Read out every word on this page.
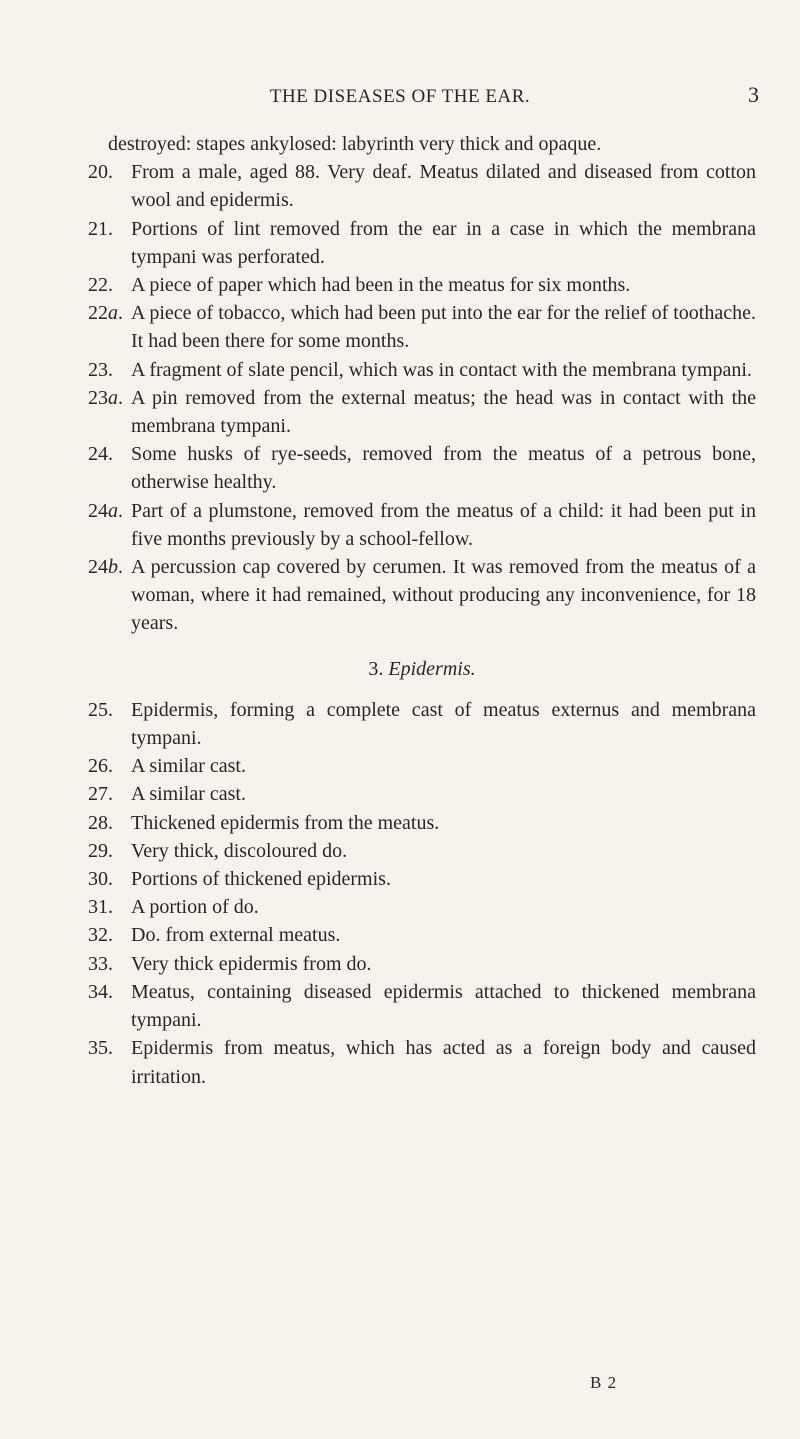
THE DISEASES OF THE EAR.	3

destroyed: stapes ankylosed: labyrinth very thick and opaque.

20. From a male, aged 88. Very deaf. Meatus dilated and diseased from cotton wool and epidermis.
21. Portions of lint removed from the ear in a case in which the membrana tympani was perforated.
22. A piece of paper which had been in the meatus for six months.
22a. A piece of tobacco, which had been put into the ear for the relief of toothache. It had been there for some months.
23. A fragment of slate pencil, which was in contact with the membrana tympani.
23a. A pin removed from the external meatus; the head was in contact with the membrana tympani.
24. Some husks of rye-seeds, removed from the meatus of a petrous bone, otherwise healthy.
24a. Part of a plumstone, removed from the meatus of a child: it had been put in five months previously by a school-fellow.
24b. A percussion cap covered by cerumen. It was removed from the meatus of a woman, where it had remained, without producing any inconvenience, for 18 years.
3. Epidermis.
25. Epidermis, forming a complete cast of meatus externus and membrana tympani.
26. A similar cast.
27. A similar cast.
28. Thickened epidermis from the meatus.
29. Very thick, discoloured do.
30. Portions of thickened epidermis.
31. A portion of do.
32. Do. from external meatus.
33. Very thick epidermis from do.
34. Meatus, containing diseased epidermis attached to thickened membrana tympani.
35. Epidermis from meatus, which has acted as a foreign body and caused irritation.
B 2
